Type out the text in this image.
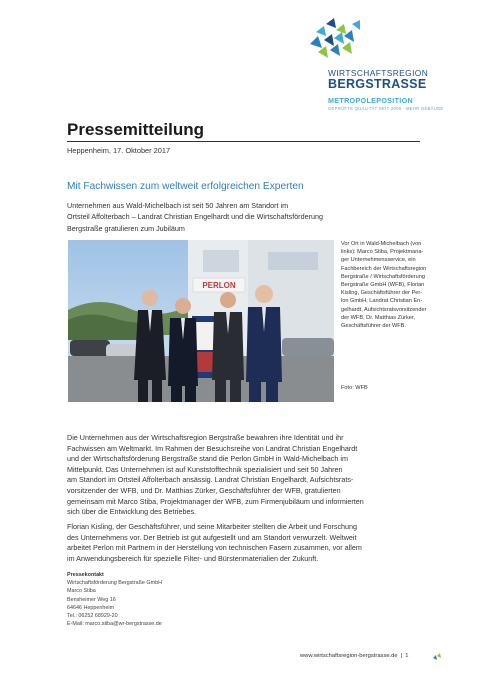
WIRTSCHAFTSREGION
BERGSTRASSE
METROPOLEPOSITION
GEPRÜFTE QUALITÄT SEIT 2009 · MEHR GEBÄUDE
Pressemitteilung
Heppenheim, 17. Oktober 2017
Mit Fachwissen zum weltweit erfolgreichen Experten
Unternehmen aus Wald-Michelbach ist seit 50 Jahren am Standort im
Ortsteil Affolterbach – Landrat Christian Engelhardt und die Wirtschaftsförderung
Bergstraße gratulieren zum Jubiläum
PERLON
Vor Ort in Wald-Michelbach (von
links): Marco Stiba, Projektmana-
ger Unternehmensservice, ein
Fachbereich der Wirtschaftsregion
Bergstraße / Wirtschaftsförderung
Bergstraße GmbH (WFB), Florian
Kisling, Geschäftsführer der Per-
lon GmbH, Landrat Christian En-
gelhardt, Aufsichtsratsvorsitzender
der WFB, Dr. Matthias Zürker,
Geschäftsführer der WFB.
Foto: WFB
Die Unternehmen aus der Wirtschaftsregion Bergstraße bewahren ihre Identität und ihr
Fachwissen am Weltmarkt. Im Rahmen der Besuchsreihe von Landrat Christian Engelhardt
und der Wirtschaftsförderung Bergstraße stand die Perlon GmbH in Wald-Michelbach im
Mittelpunkt. Das Unternehmen ist auf Kunststofftechnik spezialisiert und seit 50 Jahren
am Standort im Ortsteil Affolterbach ansässig. Landrat Christian Engelhardt, Aufsichtsrats-
vorsitzender der WFB, und Dr. Matthias Zürker, Geschäftsführer der WFB, gratulierten
gemeinsam mit Marco Stiba, Projektmanager der WFB, zum Firmenjubiläum und informierten
sich über die Entwicklung des Betriebes.
Florian Kisling, der Geschäftsführer, und seine Mitarbeiter stellten die Arbeit und Forschung
des Unternehmens vor. Der Betrieb ist gut aufgestellt und am Standort verwurzelt. Weltweit
arbeitet Perlon mit Partnern in der Herstellung von technischen Fasern zusammen, vor allem
im Anwendungsbereich für spezielle Filter- und Bürstenmaterialien der Zukunft.
Pressekontakt
Wirtschaftsförderung Bergstraße GmbH
Marco Stiba
Bensheimer Weg 16
64646 Heppenheim
Tel.: 06252 68929-20
E-Mail: marco.stiba@wr-bergstrasse.de
www.wirtschaftsregion-bergstrasse.de | 1
